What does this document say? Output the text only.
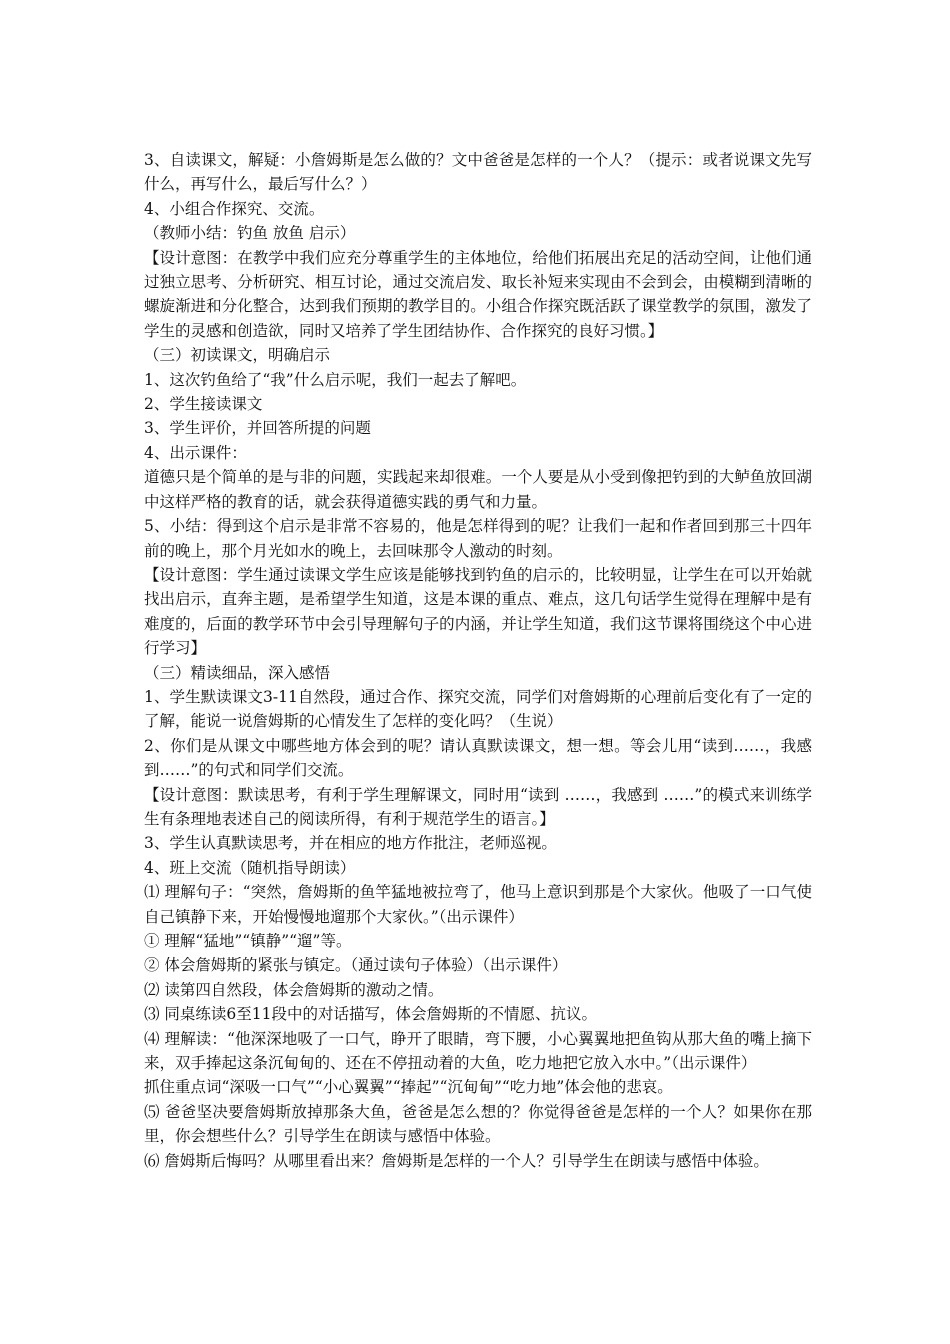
3、自读课文，解疑：小詹姆斯是怎么做的？文中爸爸是怎样的一个人？（提示：或者说课文先写什么，再写什么，最后写什么？）

4、小组合作探究、交流。

（教师小结：钓鱼 放鱼 启示）

【设计意图：在教学中我们应充分尊重学生的主体地位，给他们拓展出充足的活动空间，让他们通过独立思考、分析研究、相互讨论，通过交流启发、取长补短来实现由不会到会，由模糊到清晰的螺旋渐进和分化整合，达到我们预期的教学目的。小组合作探究既活跃了课堂教学的氛围，激发了学生的灵感和创造欲，同时又培养了学生团结协作、合作探究的良好习惯。】

（三）初读课文，明确启示

1、这次钓鱼给了“我”什么启示呢，我们一起去了解吧。

2、学生接读课文

3、学生评价，并回答所提的问题

4、出示课件：

道德只是个简单的是与非的问题，实践起来却很难。一个人要是从小受到像把钓到的大鲈鱼放回湖中这样严格的教育的话，就会获得道德实践的勇气和力量。

5、小结：得到这个启示是非常不容易的，他是怎样得到的呢？让我们一起和作者回到那三十四年前的晚上，那个月光如水的晚上，去回味那令人激动的时刻。

【设计意图：学生通过读课文学生应该是能够找到钓鱼的启示的，比较明显，让学生在可以开始就找出启示，直奔主题，是希望学生知道，这是本课的重点、难点，这几句话学生觉得在理解中是有难度的，后面的教学环节中会引导理解句子的内涵，并让学生知道，我们这节课将围绕这个中心进行学习】

（三）精读细品，深入感悟

1、学生默读课文3-11自然段，通过合作、探究交流，同学们对詹姆斯的心理前后变化有了一定的了解，能说一说詹姆斯的心情发生了怎样的变化吗？（生说）

2、你们是从课文中哪些地方体会到的呢？请认真默读课文，想一想。等会儿用“读到……，我感到……”的句式和同学们交流。

【设计意图：默读思考，有利于学生理解课文，同时用“读到 ……，我感到 ……”的模式来训练学生有条理地表述自己的阅读所得，有利于规范学生的语言。】

3、学生认真默读思考，并在相应的地方作批注，老师巡视。

4、班上交流（随机指导朗读）

⑴ 理解句子：“突然，詹姆斯的鱼竿猛地被拉弯了，他马上意识到那是个大家伙。他吸了一口气使自己镇静下来，开始慢慢地遛那个大家伙。”（出示课件）

① 理解“猛地”“镇静”“遛”等。

② 体会詹姆斯的紧张与镇定。（通过读句子体验）（出示课件）

⑵ 读第四自然段，体会詹姆斯的激动之情。

⑶ 同桌练读6至11段中的对话描写，体会詹姆斯的不情愿、抗议。

⑷ 理解读：“他深深地吸了一口气，睁开了眼睛，弯下腰，小心翼翼地把鱼钩从那大鱼的嘴上摘下来，双手捧起这条沉甸甸的、还在不停扭动着的大鱼，吃力地把它放入水中。”（出示课件）

抓住重点词“深吸一口气”“小心翼翼”“捧起”“沉甸甸”“吃力地”体会他的悲哀。

⑸ 爸爸坚决要詹姆斯放掉那条大鱼，爸爸是怎么想的？你觉得爸爸是怎样的一个人？如果你在那里，你会想些什么？引导学生在朗读与感悟中体验。

⑹ 詹姆斯后悔吗？从哪里看出来？詹姆斯是怎样的一个人？引导学生在朗读与感悟中体验。
